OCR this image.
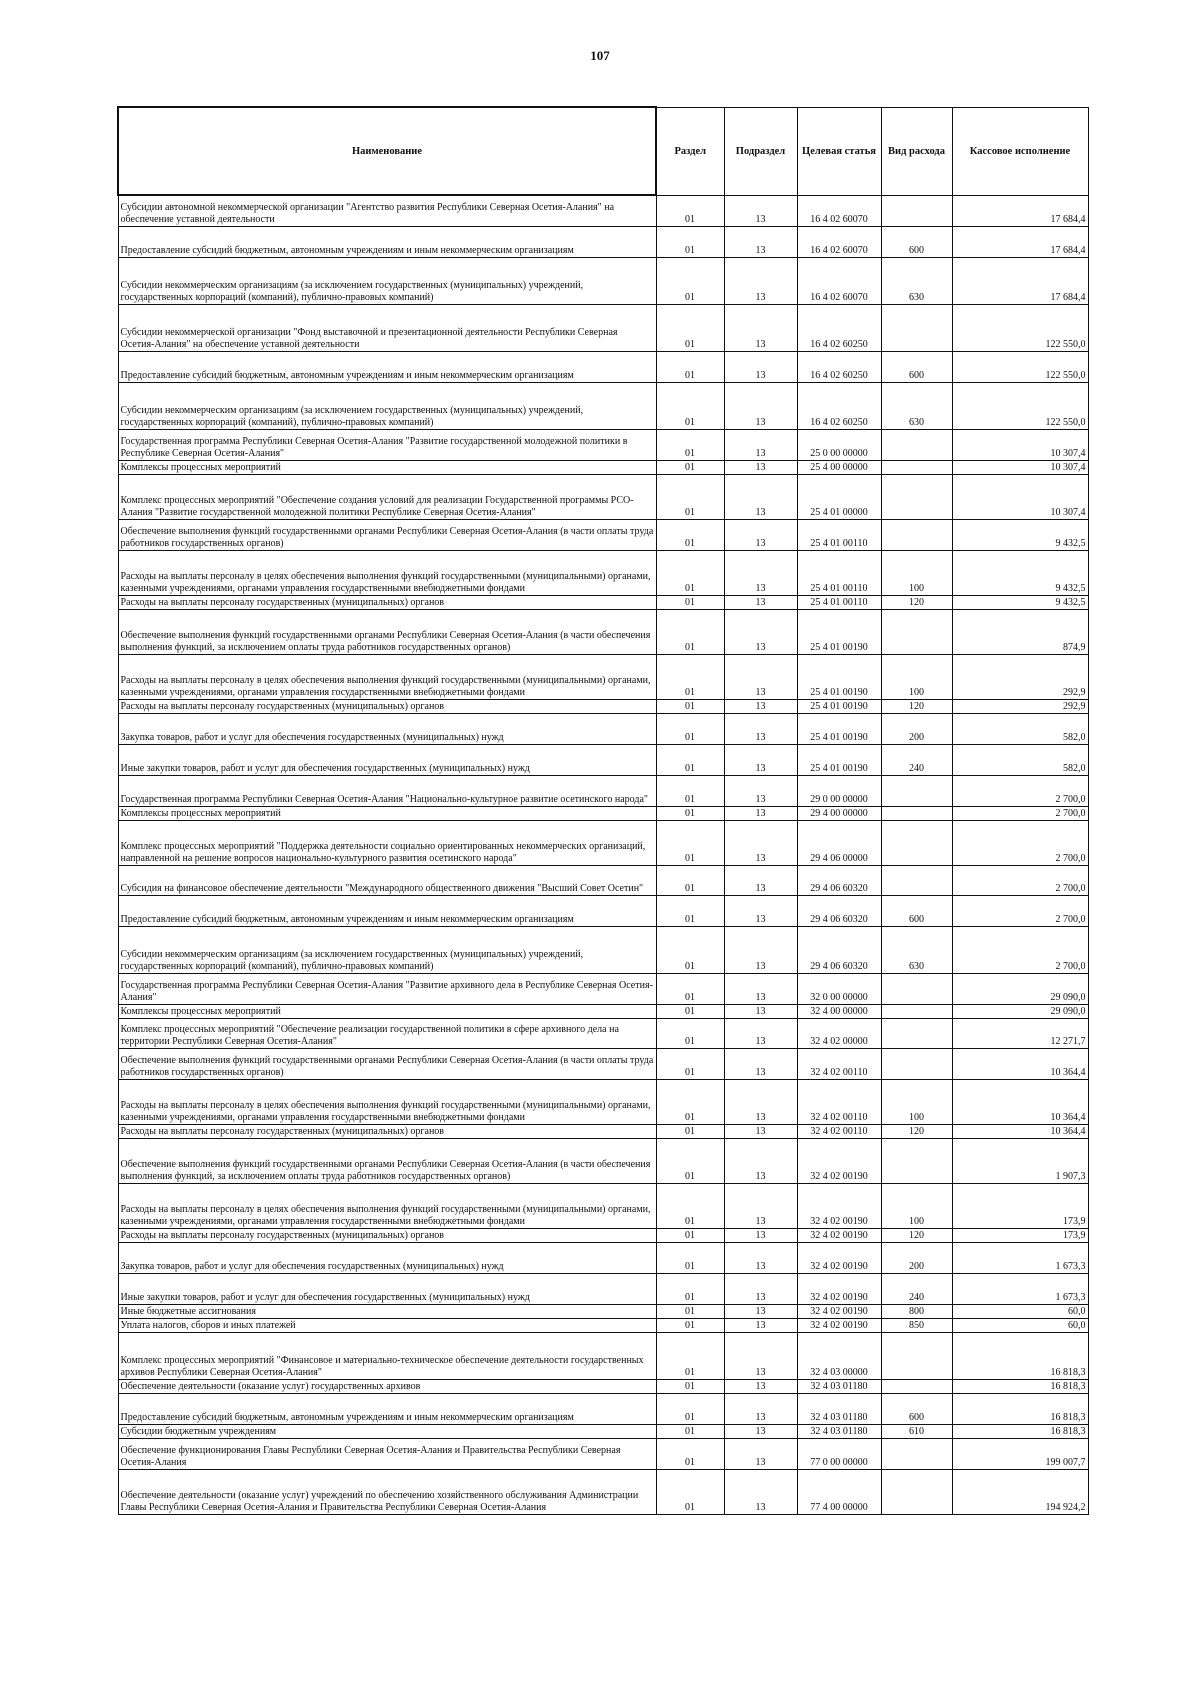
107
Наименование	Раздел	Подраздел	Целевая статья	Вид расхода	Кассовое исполнение
Субсидии автономной некоммерческой организации "Агентство развития Республики Северная Осетия-Алания" на обеспечение уставной деятельности	01	13	16 4 02 60070		17 684,4
Предоставление субсидий бюджетным, автономным учреждениям и иным некоммерческим организациям	01	13	16 4 02 60070	600	17 684,4
Субсидии некоммерческим организациям (за исключением государственных (муниципальных) учреждений, государственных корпораций (компаний), публично-правовых компаний)	01	13	16 4 02 60070	630	17 684,4
Субсидии некоммерческой организации "Фонд выставочной и презентационной деятельности Республики Северная Осетия-Алания" на обеспечение уставной деятельности	01	13	16 4 02 60250		122 550,0
Предоставление субсидий бюджетным, автономным учреждениям и иным некоммерческим организациям	01	13	16 4 02 60250	600	122 550,0
Субсидии некоммерческим организациям (за исключением государственных (муниципальных) учреждений, государственных корпораций (компаний), публично-правовых компаний)	01	13	16 4 02 60250	630	122 550,0
Государственная программа Республики Северная Осетия-Алания "Развитие государственной молодежной политики в Республике Северная Осетия-Алания"	01	13	25 0 00 00000		10 307,4
Комплексы процессных мероприятий	01	13	25 4 00 00000		10 307,4
Комплекс процессных мероприятий "Обеспечение создания условий для реализации Государственной программы РСО-Алания "Развитие государственной молодежной политики Республике Северная Осетия-Алания"	01	13	25 4 01 00000		10 307,4
Обеспечение выполнения функций государственными органами Республики Северная Осетия-Алания (в части оплаты труда работников государственных органов)	01	13	25 4 01 00110		9 432,5
Расходы на выплаты персоналу в целях обеспечения выполнения функций государственными (муниципальными) органами, казенными учреждениями, органами управления государственными внебюджетными фондами	01	13	25 4 01 00110	100	9 432,5
Расходы на выплаты персоналу государственных (муниципальных) органов	01	13	25 4 01 00110	120	9 432,5
Обеспечение выполнения функций государственными органами Республики Северная Осетия-Алания (в части обеспечения выполнения функций, за исключением оплаты труда работников государственных органов)	01	13	25 4 01 00190		874,9
Расходы на выплаты персоналу в целях обеспечения выполнения функций государственными (муниципальными) органами, казенными учреждениями, органами управления государственными внебюджетными фондами	01	13	25 4 01 00190	100	292,9
Расходы на выплаты персоналу государственных (муниципальных) органов	01	13	25 4 01 00190	120	292,9
Закупка товаров, работ и услуг для обеспечения государственных (муниципальных) нужд	01	13	25 4 01 00190	200	582,0
Иные закупки товаров, работ и услуг для обеспечения государственных (муниципальных) нужд	01	13	25 4 01 00190	240	582,0
Государственная программа Республики Северная Осетия-Алания "Национально-культурное развитие осетинского народа"	01	13	29 0 00 00000		2 700,0
Комплексы процессных мероприятий	01	13	29 4 00 00000		2 700,0
Комплекс процессных мероприятий "Поддержка деятельности социально ориентированных некоммерческих организаций, направленной на решение вопросов национально-культурного развития осетинского народа"	01	13	29 4 06 00000		2 700,0
Субсидия на финансовое обеспечение деятельности "Международного общественного движения "Высший Совет Осетин"	01	13	29 4 06 60320		2 700,0
Предоставление субсидий бюджетным, автономным учреждениям и иным некоммерческим организациям	01	13	29 4 06 60320	600	2 700,0
Субсидии некоммерческим организациям (за исключением государственных (муниципальных) учреждений, государственных корпораций (компаний), публично-правовых компаний)	01	13	29 4 06 60320	630	2 700,0
Государственная программа Республики Северная Осетия-Алания "Развитие архивного дела в Республике Северная Осетия-Алания"	01	13	32 0 00 00000		29 090,0
Комплексы процессных мероприятий	01	13	32 4 00 00000		29 090,0
Комплекс процессных мероприятий "Обеспечение реализации государственной политики в сфере архивного дела на территории Республики Северная Осетия-Алания"	01	13	32 4 02 00000		12 271,7
Обеспечение выполнения функций государственными органами Республики Северная Осетия-Алания (в части оплаты труда работников государственных органов)	01	13	32 4 02 00110		10 364,4
Расходы на выплаты персоналу в целях обеспечения выполнения функций государственными (муниципальными) органами, казенными учреждениями, органами управления государственными внебюджетными фондами	01	13	32 4 02 00110	100	10 364,4
Расходы на выплаты персоналу государственных (муниципальных) органов	01	13	32 4 02 00110	120	10 364,4
Обеспечение выполнения функций государственными органами Республики Северная Осетия-Алания (в части обеспечения выполнения функций, за исключением оплаты труда работников государственных органов)	01	13	32 4 02 00190		1 907,3
Расходы на выплаты персоналу в целях обеспечения выполнения функций государственными (муниципальными) органами, казенными учреждениями, органами управления государственными внебюджетными фондами	01	13	32 4 02 00190	100	173,9
Расходы на выплаты персоналу государственных (муниципальных) органов	01	13	32 4 02 00190	120	173,9
Закупка товаров, работ и услуг для обеспечения государственных (муниципальных) нужд	01	13	32 4 02 00190	200	1 673,3
Иные закупки товаров, работ и услуг для обеспечения государственных (муниципальных) нужд	01	13	32 4 02 00190	240	1 673,3
Иные бюджетные ассигнования	01	13	32 4 02 00190	800	60,0
Уплата налогов, сборов и иных платежей	01	13	32 4 02 00190	850	60,0
Комплекс процессных мероприятий "Финансовое и материально-техническое обеспечение деятельности государственных архивов Республики Северная Осетия-Алания"	01	13	32 4 03 00000		16 818,3
Обеспечение деятельности (оказание услуг) государственных архивов	01	13	32 4 03 01180		16 818,3
Предоставление субсидий бюджетным, автономным учреждениям и иным некоммерческим организациям	01	13	32 4 03 01180	600	16 818,3
Субсидии бюджетным учреждениям	01	13	32 4 03 01180	610	16 818,3
Обеспечение функционирования Главы Республики Северная Осетия-Алания и Правительства Республики Северная Осетия-Алания	01	13	77 0 00 00000		199 007,7
Обеспечение деятельности (оказание услуг) учреждений по обеспечению хозяйственного обслуживания Администрации Главы Республики Северная Осетия-Алания и Правительства Республики Северная Осетия-Алания	01	13	77 4 00 00000		194 924,2
